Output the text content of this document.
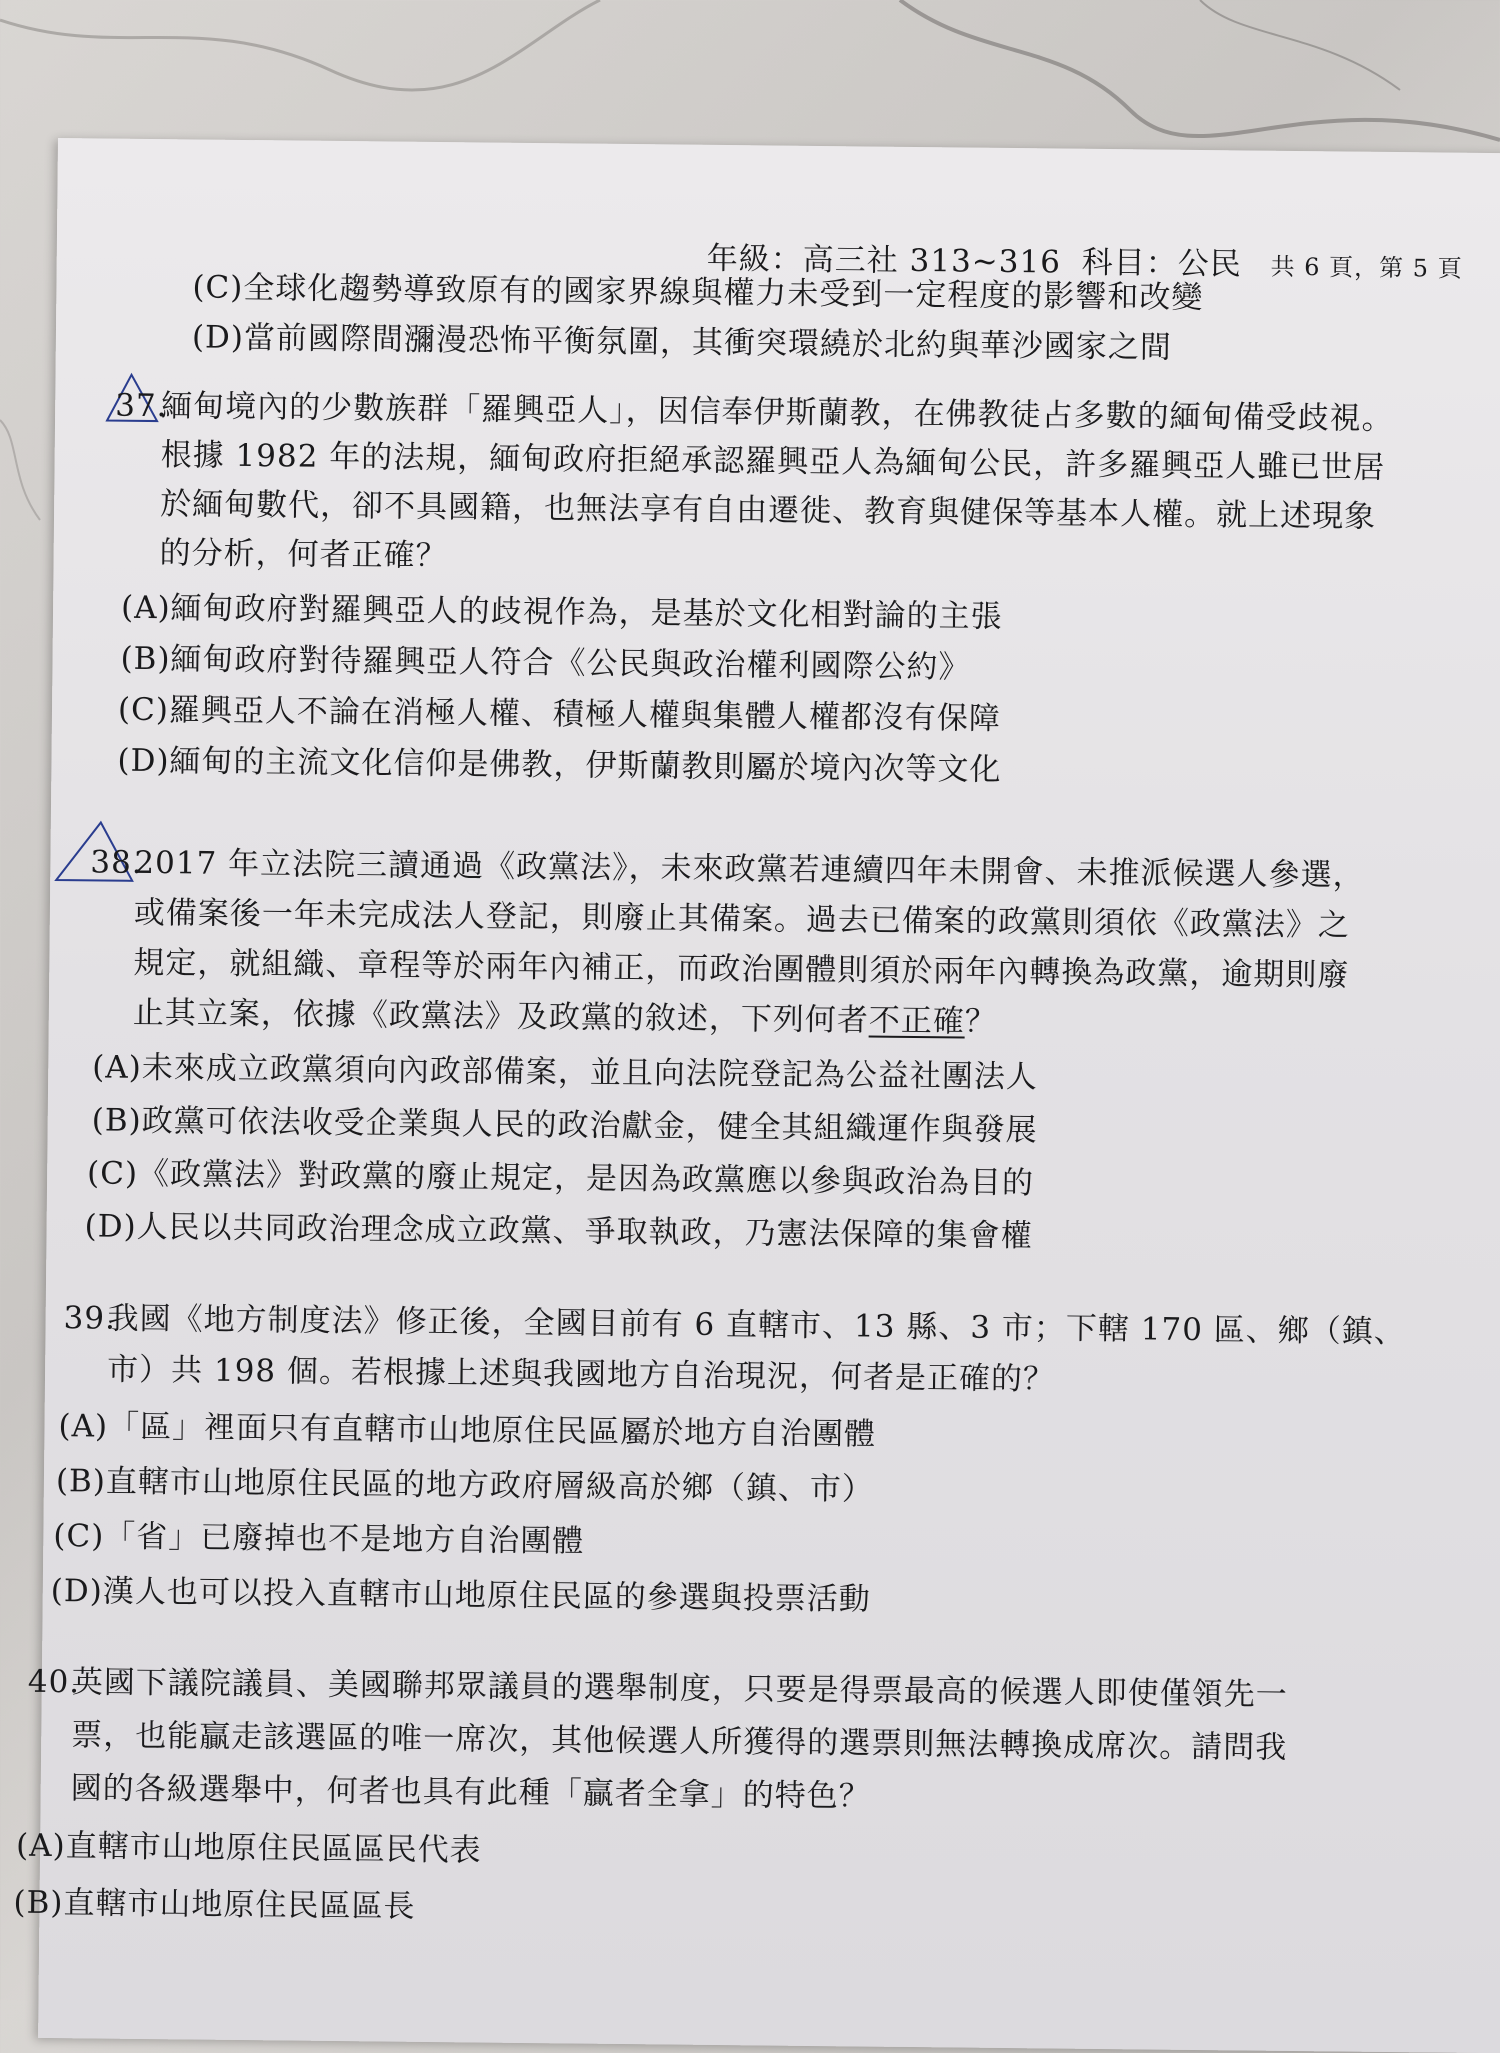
年級：高三社 313~316 科目：公民 共 6 頁，第 5 頁
(C)全球化趨勢導致原有的國家界線與權力未受到一定程度的影響和改變
(D)當前國際間瀰漫恐怖平衡氛圍，其衝突環繞於北約與華沙國家之間
37.
緬甸境內的少數族群「羅興亞人」，因信奉伊斯蘭教，在佛教徒占多數的緬甸備受歧視。
根據 1982 年的法規，緬甸政府拒絕承認羅興亞人為緬甸公民，許多羅興亞人雖已世居
於緬甸數代，卻不具國籍，也無法享有自由遷徙、教育與健保等基本人權。就上述現象
的分析，何者正確？
(A)緬甸政府對羅興亞人的歧視作為，是基於文化相對論的主張
(B)緬甸政府對待羅興亞人符合《公民與政治權利國際公約》
(C)羅興亞人不論在消極人權、積極人權與集體人權都沒有保障
(D)緬甸的主流文化信仰是佛教，伊斯蘭教則屬於境內次等文化
38.
2017 年立法院三讀通過《政黨法》，未來政黨若連續四年未開會、未推派候選人參選，
或備案後一年未完成法人登記，則廢止其備案。過去已備案的政黨則須依《政黨法》之
規定，就組織、章程等於兩年內補正，而政治團體則須於兩年內轉換為政黨，逾期則廢
止其立案，依據《政黨法》及政黨的敘述，下列何者不正確？
(A)未來成立政黨須向內政部備案，並且向法院登記為公益社團法人
(B)政黨可依法收受企業與人民的政治獻金，健全其組織運作與發展
(C)《政黨法》對政黨的廢止規定，是因為政黨應以參與政治為目的
(D)人民以共同政治理念成立政黨、爭取執政，乃憲法保障的集會權
39.
我國《地方制度法》修正後，全國目前有 6 直轄市、13 縣、3 市；下轄 170 區、鄉（鎮、
市）共 198 個。若根據上述與我國地方自治現況，何者是正確的？
(A)「區」裡面只有直轄市山地原住民區屬於地方自治團體
(B)直轄市山地原住民區的地方政府層級高於鄉（鎮、市）
(C)「省」已廢掉也不是地方自治團體
(D)漢人也可以投入直轄市山地原住民區的參選與投票活動
40.
英國下議院議員、美國聯邦眾議員的選舉制度，只要是得票最高的候選人即使僅領先一
票，也能贏走該選區的唯一席次，其他候選人所獲得的選票則無法轉換成席次。請問我
國的各級選舉中，何者也具有此種「贏者全拿」的特色？
(A)直轄市山地原住民區區民代表
(B)直轄市山地原住民區區長
